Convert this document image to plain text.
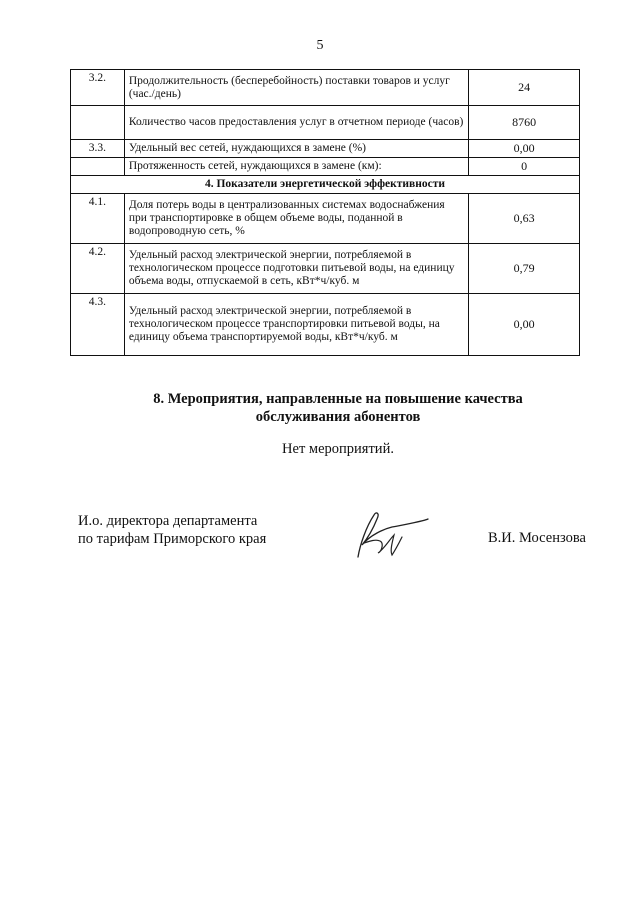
5
3.2.	Продолжительность (бесперебойность) поставки товаров и услуг (час./день)	24
	Количество часов предоставления услуг в отчетном периоде (часов)	8760
3.3.	Удельный вес сетей, нуждающихся в замене (%)	0,00
	Протяженность сетей, нуждающихся в замене (км):	0
4. Показатели энергетической эффективности		
4.1.	Доля потерь воды в централизованных системах водоснабжения при транспортировке в общем объеме воды, поданной в водопроводную сеть, %	0,63
4.2.	Удельный расход электрической энергии, потребляемой в технологическом процессе подготовки питьевой воды, на единицу объема воды, отпускаемой в сеть, кВт*ч/куб. м	0,79
4.3.	Удельный расход электрической энергии, потребляемой в технологическом процессе транспортировки питьевой воды, на единицу объема транспортируемой воды, кВт*ч/куб. м	0,00
8. Мероприятия, направленные на повышение качества
обслуживания абонентов
Нет мероприятий.
И.о. директора департамента
по тарифам Приморского края	В.И. Мосензова
